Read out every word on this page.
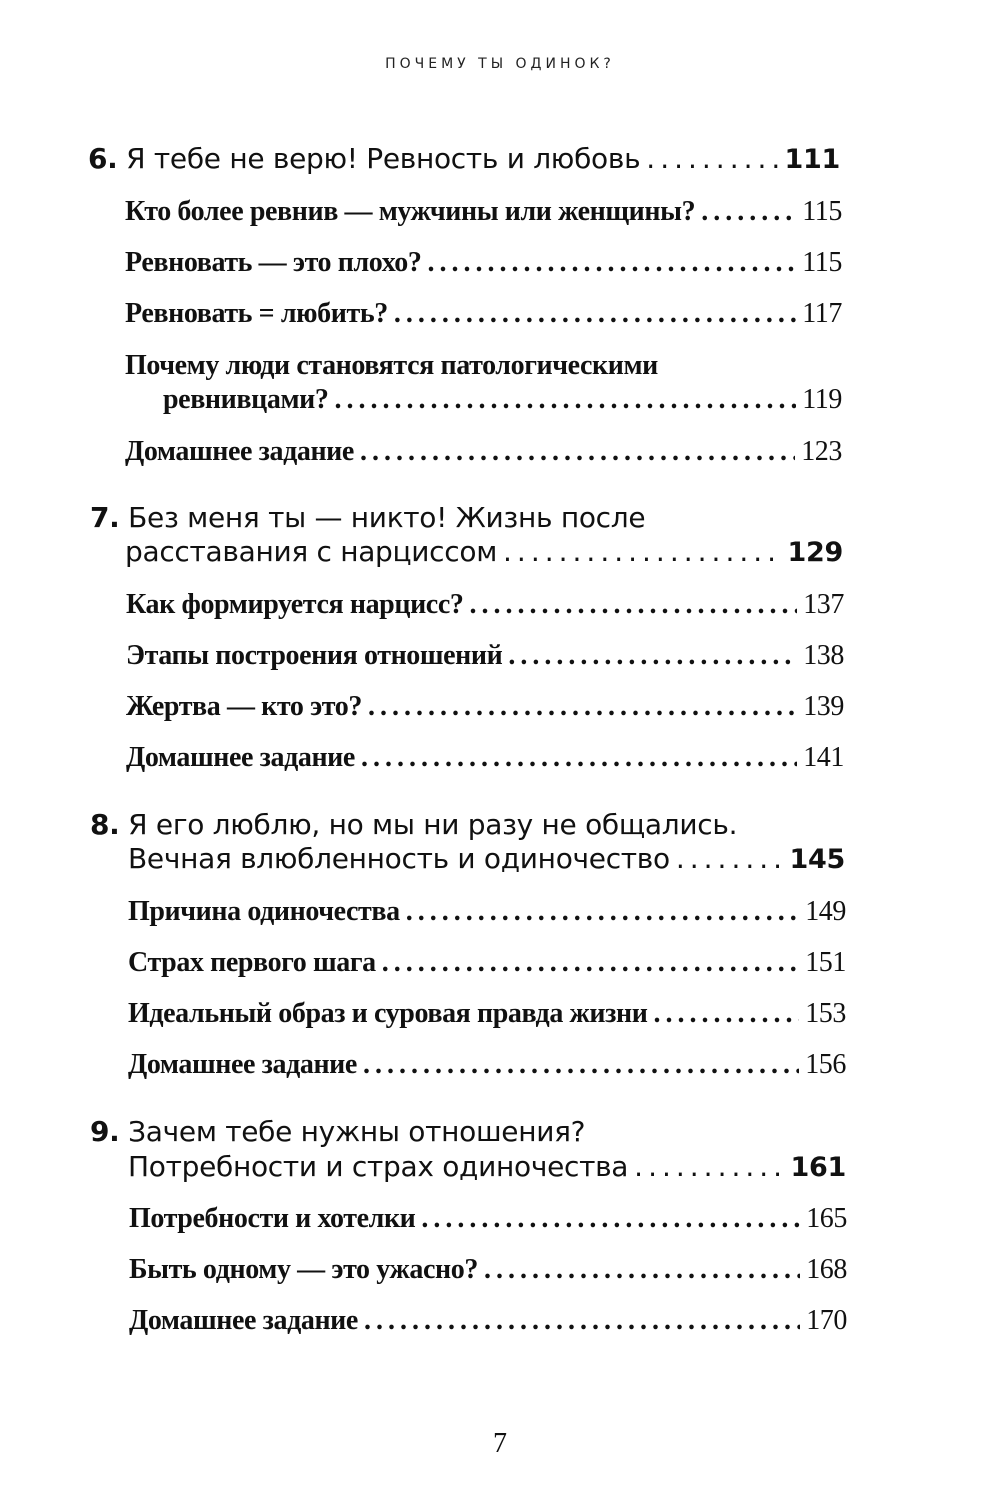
ПОЧЕМУ ТЫ ОДИНОК?
6. Я тебе не верю! Ревность и любовь .....	111
Кто более ревнив — мужчины или женщины? .....	115
Ревновать — это плохо? .....	115
Ревновать = любить? .....	117
Почему люди становятся патологическими
ревнивцами? .....	119
Домашнее задание .....	123
7. Без меня ты — никто! Жизнь после
расставания с нарциссом .....	129
Как формируется нарцисс? .....	137
Этапы построения отношений .....	138
Жертва — кто это? .....	139
Домашнее задание .....	141
8. Я его люблю, но мы ни разу не общались.
Вечная влюбленность и одиночество .....	145
Причина одиночества .....	149
Страх первого шага .....	151
Идеальный образ и суровая правда жизни .....	153
Домашнее задание .....	156
9. Зачем тебе нужны отношения?
Потребности и страх одиночества .....	161
Потребности и хотелки .....	165
Быть одному — это ужасно? .....	168
Домашнее задание .....	170
7
